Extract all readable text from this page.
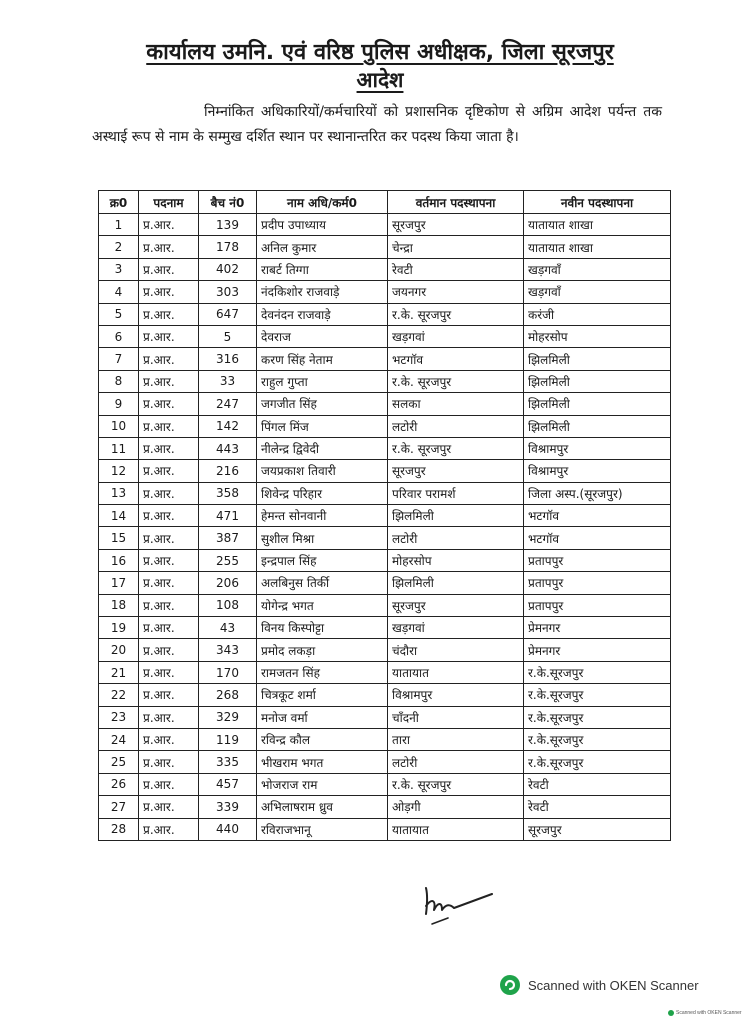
कार्यालय उमनि. एवं वरिष्ठ पुलिस अधीक्षक, जिला सूरजपुर
आदेश
निम्नांकित अधिकारियों/कर्मचारियों को प्रशासनिक दृष्टिकोण से अग्रिम आदेश पर्यन्त तक अस्थाई रूप से नाम के सम्मुख दर्शित स्थान पर स्थानान्तरित कर पदस्थ किया जाता है।
क्र0	पदनाम	बैच नं0	नाम अधि/कर्म0	वर्तमान पदस्थापना	नवीन पदस्थापना
1	प्र.आर.	139	प्रदीप उपाध्याय	सूरजपुर	यातायात शाखा
2	प्र.आर.	178	अनिल कुमार	चेन्द्रा	यातायात शाखा
3	प्र.आर.	402	राबर्ट तिग्गा	रेवटी	खड़गवॉं
4	प्र.आर.	303	नंदकिशोर राजवाड़े	जयनगर	खड़गवॉं
5	प्र.आर.	647	देवनंदन राजवाड़े	र.के. सूरजपुर	करंजी
6	प्र.आर.	5	देवराज	खड़गवां	मोहरसोप
7	प्र.आर.	316	करण सिंह नेताम	भटगॉव	झिलमिली
8	प्र.आर.	33	राहुल गुप्ता	र.के. सूरजपुर	झिलमिली
9	प्र.आर.	247	जगजीत सिंह	सलका	झिलमिली
10	प्र.आर.	142	पिंगल मिंज	लटोरी	झिलमिली
11	प्र.आर.	443	नीलेन्द्र द्विवेदी	र.के. सूरजपुर	विश्रामपुर
12	प्र.आर.	216	जयप्रकाश तिवारी	सूरजपुर	विश्रामपुर
13	प्र.आर.	358	शिवेन्द्र परिहार	परिवार परामर्श	जिला अस्प.(सूरजपुर)
14	प्र.आर.	471	हेमन्त सोनवानी	झिलमिली	भटगॉव
15	प्र.आर.	387	सुशील मिश्रा	लटोरी	भटगॉव
16	प्र.आर.	255	इन्द्रपाल सिंह	मोहरसोप	प्रतापपुर
17	प्र.आर.	206	अलबिनुस तिर्की	झिलमिली	प्रतापपुर
18	प्र.आर.	108	योगेन्द्र भगत	सूरजपुर	प्रतापपुर
19	प्र.आर.	43	विनय किस्पोट्टा	खड़गवां	प्रेमनगर
20	प्र.आर.	343	प्रमोद लकड़ा	चंदौरा	प्रेमनगर
21	प्र.आर.	170	रामजतन सिंह	यातायात	र.के.सूरजपुर
22	प्र.आर.	268	चित्रकूट शर्मा	विश्रामपुर	र.के.सूरजपुर
23	प्र.आर.	329	मनोज वर्मा	चॉंदनी	र.के.सूरजपुर
24	प्र.आर.	119	रविन्द्र कौल	तारा	र.के.सूरजपुर
25	प्र.आर.	335	भीखराम भगत	लटोरी	र.के.सूरजपुर
26	प्र.आर.	457	भोजराज राम	र.के. सूरजपुर	रेवटी
27	प्र.आर.	339	अभिलाषराम ध्रुव	ओड़गी	रेवटी
28	प्र.आर.	440	रविराजभानू	यातायात	सूरजपुर
Scanned with OKEN Scanner
Scanned with OKEN Scanner
